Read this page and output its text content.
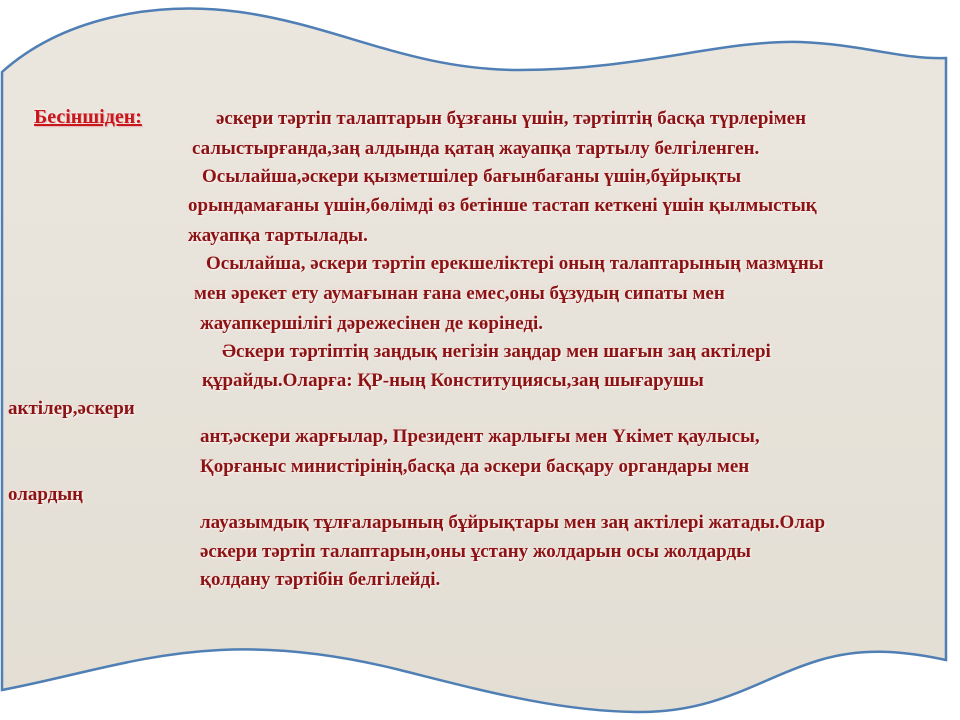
Бесіншіден:	әскери тәртіп талаптарын бұзғаны үшін, тәртіптің басқа түрлерімен
салыстырғанда,заң алдында қатаң жауапқа тартылу белгіленген.
Осылайша,әскери қызметшілер бағынбағаны үшін,бұйрықты
орындамағаны үшін,бөлімді өз бетінше тастап кеткені үшін қылмыстық
жауапқа тартылады.
Осылайша, әскери тәртіп ерекшеліктері оның талаптарының мазмұны
мен әрекет ету аумағынан ғана емес,оны бұзудың сипаты мен
жауапкершілігі дәрежесінен де көрінеді.
Әскери тәртіптің заңдық негізін заңдар мен шағын заң актілері
құрайды.Оларға: ҚР-ның Конституциясы,заң шығарушы
актілер,әскери
ант,әскери жарғылар, Президент жарлығы мен Үкімет қаулысы,
Қорғаныс министірінің,басқа да әскери басқару органдары мен
олардың
лауазымдық тұлғаларының бұйрықтары мен заң актілері жатады.Олар
әскери тәртіп талаптарын,оны ұстану жолдарын осы жолдарды
қолдану тәртібін белгілейді.
